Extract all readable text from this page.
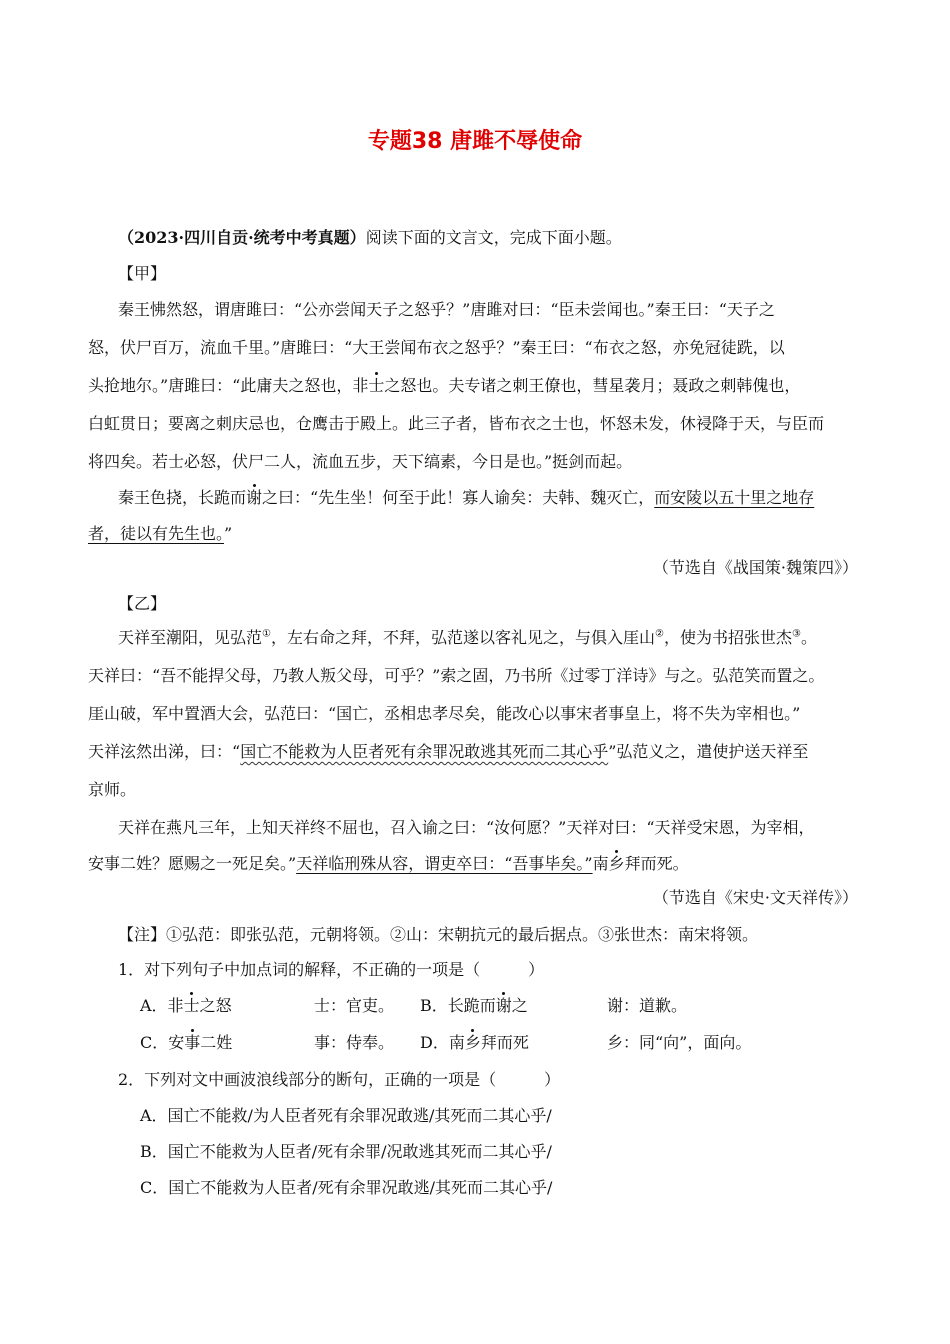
专题38 唐雎不辱使命
（2023·四川自贡·统考中考真题）阅读下面的文言文，完成下面小题。
【甲】
秦王怫然怒，谓唐雎曰：“公亦尝闻天子之怒乎？”唐雎对曰：“臣未尝闻也。”秦王曰：“天子之
怒，伏尸百万，流血千里。”唐雎曰：“大王尝闻布衣之怒乎？”秦王曰：“布衣之怒，亦免冠徒跣，以
头抢地尔。”唐雎曰：“此庸夫之怒也，非士之怒也。夫专诸之刺王僚也，彗星袭月；聂政之刺韩傀也，
白虹贯日；要离之刺庆忌也，仓鹰击于殿上。此三子者，皆布衣之士也，怀怒未发，休祲降于天，与臣而
将四矣。若士必怒，伏尸二人，流血五步，天下缟素，今日是也。”挺剑而起。
秦王色挠，长跪而谢之曰：“先生坐！何至于此！寡人谕矣：夫韩、魏灭亡，而安陵以五十里之地存
者，徒以有先生也。”
（节选自《战国策·魏策四》）
【乙】
天祥至潮阳，见弘范①，左右命之拜，不拜，弘范遂以客礼见之，与俱入厓山②，使为书招张世杰③。
天祥曰：“吾不能捍父母，乃教人叛父母，可乎？”索之固，乃书所《过零丁洋诗》与之。弘范笑而置之。
厓山破，军中置酒大会，弘范曰：“国亡，丞相忠孝尽矣，能改心以事宋者事皇上，将不失为宰相也。”
天祥泫然出涕，曰：“国亡不能救为人臣者死有余罪况敢逃其死而二其心乎”弘范义之，遣使护送天祥至
京师。
天祥在燕凡三年，上知天祥终不屈也，召入谕之曰：“汝何愿？”天祥对曰：“天祥受宋恩，为宰相，
安事二姓？愿赐之一死足矣。”天祥临刑殊从容，谓吏卒曰：“吾事毕矣。”南乡拜而死。
（节选自《宋史·文天祥传》）
【注】①弘范：即张弘范，元朝将领。②山：宋朝抗元的最后据点。③张世杰：南宋将领。
1．对下列句子中加点词的解释，不正确的一项是（　　　）
A．非士之怒	士：官吏。 B．长跪而谢之	谢：道歉。
C．安事二姓	事：侍奉。 D．南乡拜而死	乡：同“向”，面向。
2．下列对文中画波浪线部分的断句，正确的一项是（　　　）
A．国亡不能救/为人臣者死有余罪况敢逃/其死而二其心乎/
B．国亡不能救为人臣者/死有余罪/况敢逃其死而二其心乎/
C．国亡不能救为人臣者/死有余罪况敢逃/其死而二其心乎/
